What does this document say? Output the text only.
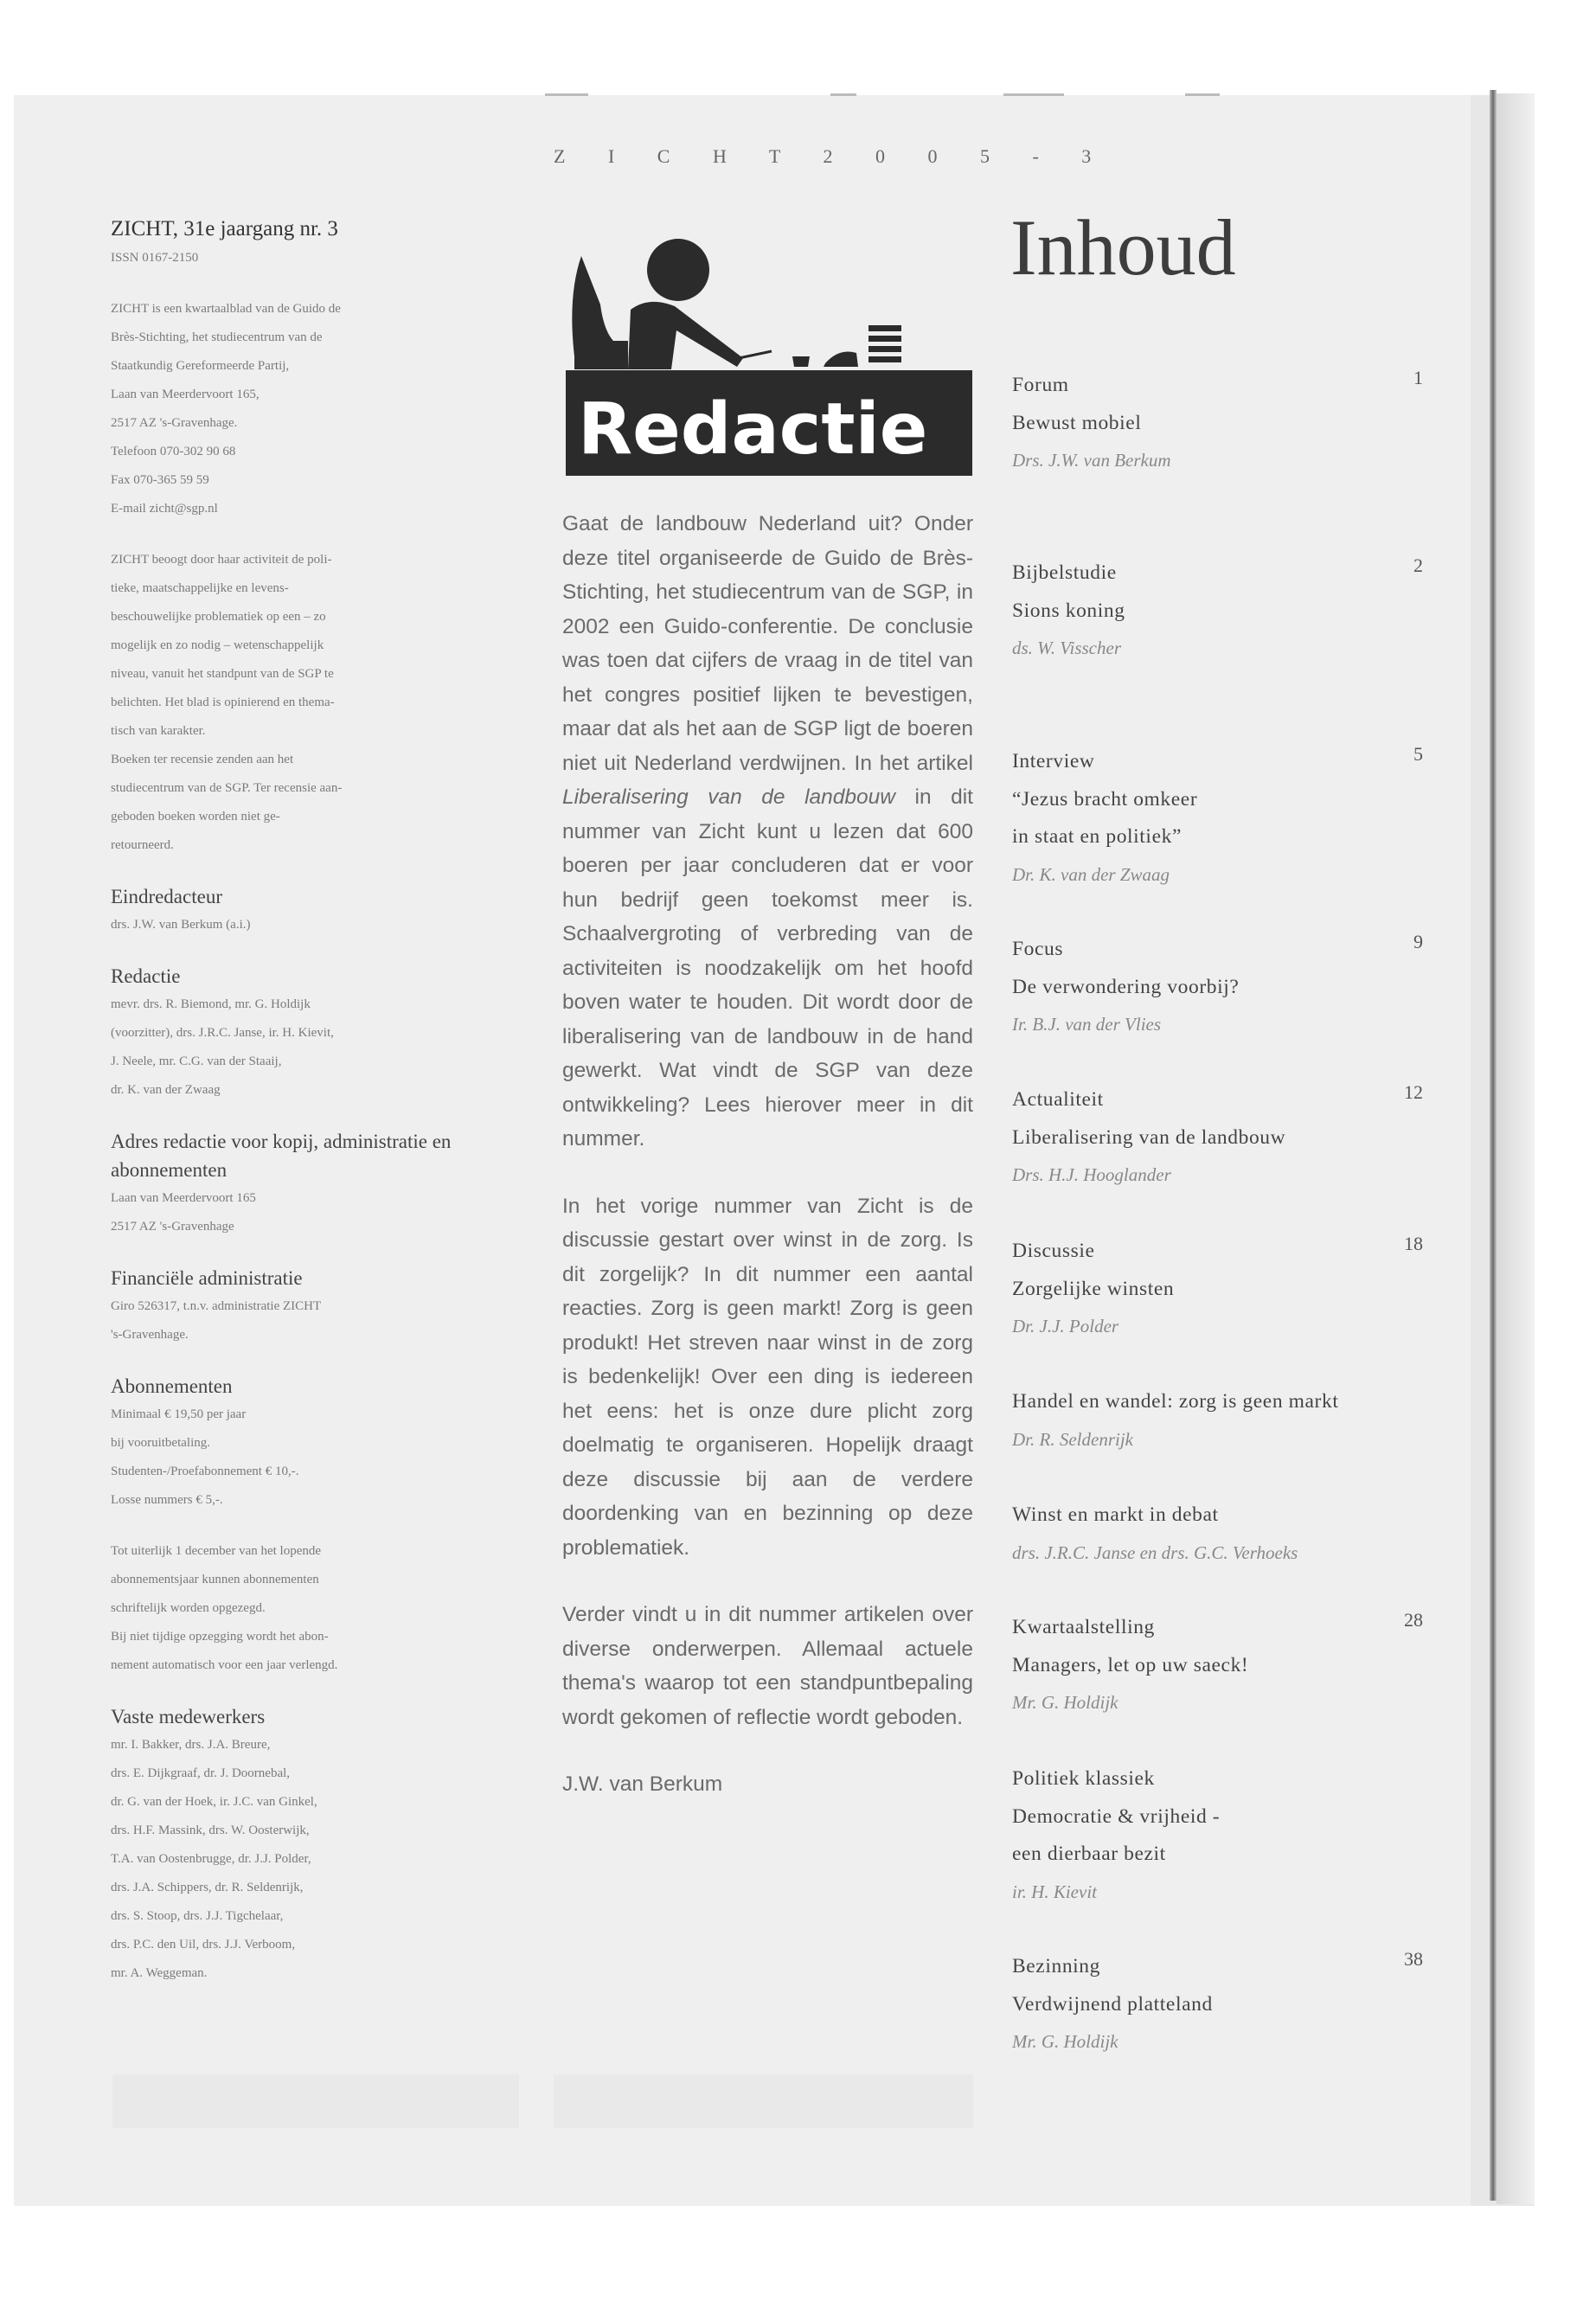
Z I C H T 2 0 0 5 - 3

ZICHT, 31e jaargang nr. 3

ISSN 0167-2150

ZICHT is een kwartaalblad van de Guido de

Brès-Stichting, het studiecentrum van de

Staatkundig Gereformeerde Partij,

Laan van Meerdervoort 165,

2517 AZ 's-Gravenhage.

Telefoon 070-302 90 68

Fax 070-365 59 59

E-mail zicht@sgp.nl

ZICHT beoogt door haar activiteit de poli-

tieke, maatschappelijke en levens-

beschouwelijke problematiek op een – zo

mogelijk en zo nodig – wetenschappelijk

niveau, vanuit het standpunt van de SGP te

belichten. Het blad is opinierend en thema-

tisch van karakter.

Boeken ter recensie zenden aan het

studiecentrum van de SGP. Ter recensie aan-

geboden boeken worden niet ge-

retourneerd.

Eindredacteur

drs. J.W. van Berkum (a.i.)

Redactie

mevr. drs. R. Biemond, mr. G. Holdijk

(voorzitter), drs. J.R.C. Janse, ir. H. Kievit,

J. Neele, mr. C.G. van der Staaij,

dr. K. van der Zwaag

Adres redactie voor kopij, administratie en abonnementen

Laan van Meerdervoort 165

2517 AZ 's-Gravenhage

Financiële administratie

Giro 526317, t.n.v. administratie ZICHT

's-Gravenhage.

Abonnementen

Minimaal € 19,50 per jaar

bij vooruitbetaling.

Studenten-/Proefabonnement € 10,-.

Losse nummers € 5,-.

Tot uiterlijk 1 december van het lopende

abonnementsjaar kunnen abonnementen

schriftelijk worden opgezegd.

Bij niet tijdige opzegging wordt het abon-

nement automatisch voor een jaar verlengd.

Vaste medewerkers

mr. I. Bakker, drs. J.A. Breure,

drs. E. Dijkgraaf, dr. J. Doornebal,

dr. G. van der Hoek, ir. J.C. van Ginkel,

drs. H.F. Massink, drs. W. Oosterwijk,

T.A. van Oostenbrugge, dr. J.J. Polder,

drs. J.A. Schippers, dr. R. Seldenrijk,

drs. S. Stoop, drs. J.J. Tigchelaar,

drs. P.C. den Uil, drs. J.J. Verboom,

mr. A. Weggeman.

Redactie

Gaat de landbouw Nederland uit? Onder deze titel organiseerde de Guido de Brès-Stichting, het studiecentrum van de SGP, in 2002 een Guido-conferentie. De conclusie was toen dat cijfers de vraag in de titel van het congres positief lijken te bevestigen, maar dat als het aan de SGP ligt de boeren niet uit Nederland verdwijnen. In het artikel Liberalisering van de landbouw in dit nummer van Zicht kunt u lezen dat 600 boeren per jaar concluderen dat er voor hun bedrijf geen toekomst meer is. Schaalvergroting of verbreding van de activiteiten is noodzakelijk om het hoofd boven water te houden. Dit wordt door de liberalisering van de landbouw in de hand gewerkt. Wat vindt de SGP van deze ontwikkeling? Lees hierover meer in dit nummer.

In het vorige nummer van Zicht is de discussie gestart over winst in de zorg. Is dit zorgelijk? In dit nummer een aantal reacties. Zorg is geen markt! Zorg is geen produkt! Het streven naar winst in de zorg is bedenkelijk! Over een ding is iedereen het eens: het is onze dure plicht zorg doelmatig te organiseren. Hopelijk draagt deze discussie bij aan de verdere doordenking van en bezinning op deze problematiek.

Verder vindt u in dit nummer artikelen over diverse onderwerpen. Allemaal actuele thema's waarop tot een standpuntbepaling wordt gekomen of reflectie wordt geboden.

J.W. van Berkum

Inhoud
Forum	1
Bewust mobiel
Drs. J.W. van Berkum
Bijbelstudie	2
Sions koning
ds. W. Visscher
Interview	5
“Jezus bracht omkeer
in staat en politiek”
Dr. K. van der Zwaag
Focus	9
De verwondering voorbij?
Ir. B.J. van der Vlies
Actualiteit	12
Liberalisering van de landbouw
Drs. H.J. Hooglander
Discussie	18
Zorgelijke winsten
Dr. J.J. Polder
Handel en wandel: zorg is geen markt
Dr. R. Seldenrijk
Winst en markt in debat
drs. J.R.C. Janse en drs. G.C. Verhoeks
Kwartaalstelling	28
Managers, let op uw saeck!
Mr. G. Holdijk
Politiek klassiek
Democratie & vrijheid -
een dierbaar bezit
ir. H. Kievit
Bezinning	38
Verdwijnend platteland
Mr. G. Holdijk
